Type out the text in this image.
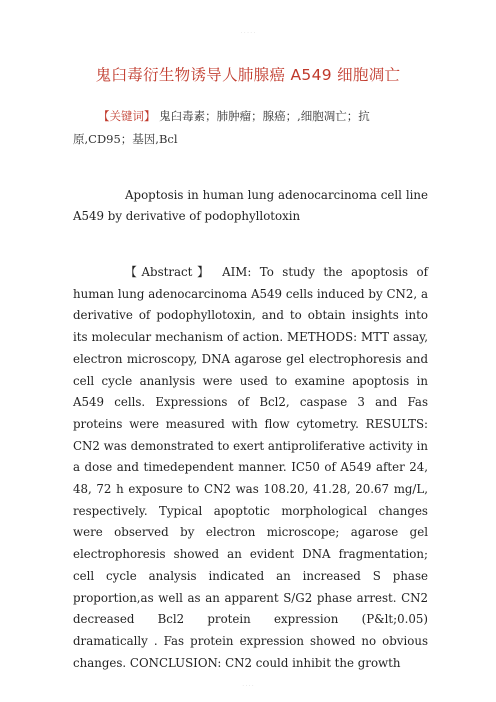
· · · · ·
鬼臼毒衍生物诱导人肺腺癌 A549 细胞凋亡
【关键词】 鬼臼毒素；肺肿瘤；腺癌；,细胞凋亡；抗原,CD95；基因,Bcl
Apoptosis in human lung adenocarcinoma cell line A549 by derivative of podophyllotoxin
【Abstract】 AIM: To study the apoptosis of human lung adenocarcinoma A549 cells induced by CN2, a derivative of podophyllotoxin, and to obtain insights into its molecular mechanism of action. METHODS: MTT assay, electron microscopy, DNA agarose gel electrophoresis and cell cycle ananlysis were used to examine apoptosis in A549 cells. Expressions of Bcl2, caspase 3 and Fas proteins were measured with flow cytometry. RESULTS: CN2 was demonstrated to exert antiproliferative activity in a dose and timedependent manner. IC50 of A549 after 24, 48, 72 h exposure to CN2 was 108.20, 41.28, 20.67 mg/L, respectively. Typical apoptotic morphological changes were observed by electron microscope; agarose gel electrophoresis showed an evident DNA fragmentation; cell cycle analysis indicated an increased S phase proportion,as well as an apparent S/G2 phase arrest. CN2 decreased Bcl2 protein expression (P&lt;0.05) dramatically . Fas protein expression showed no obvious changes. CONCLUSION: CN2 could inhibit the growth
· · · ·
